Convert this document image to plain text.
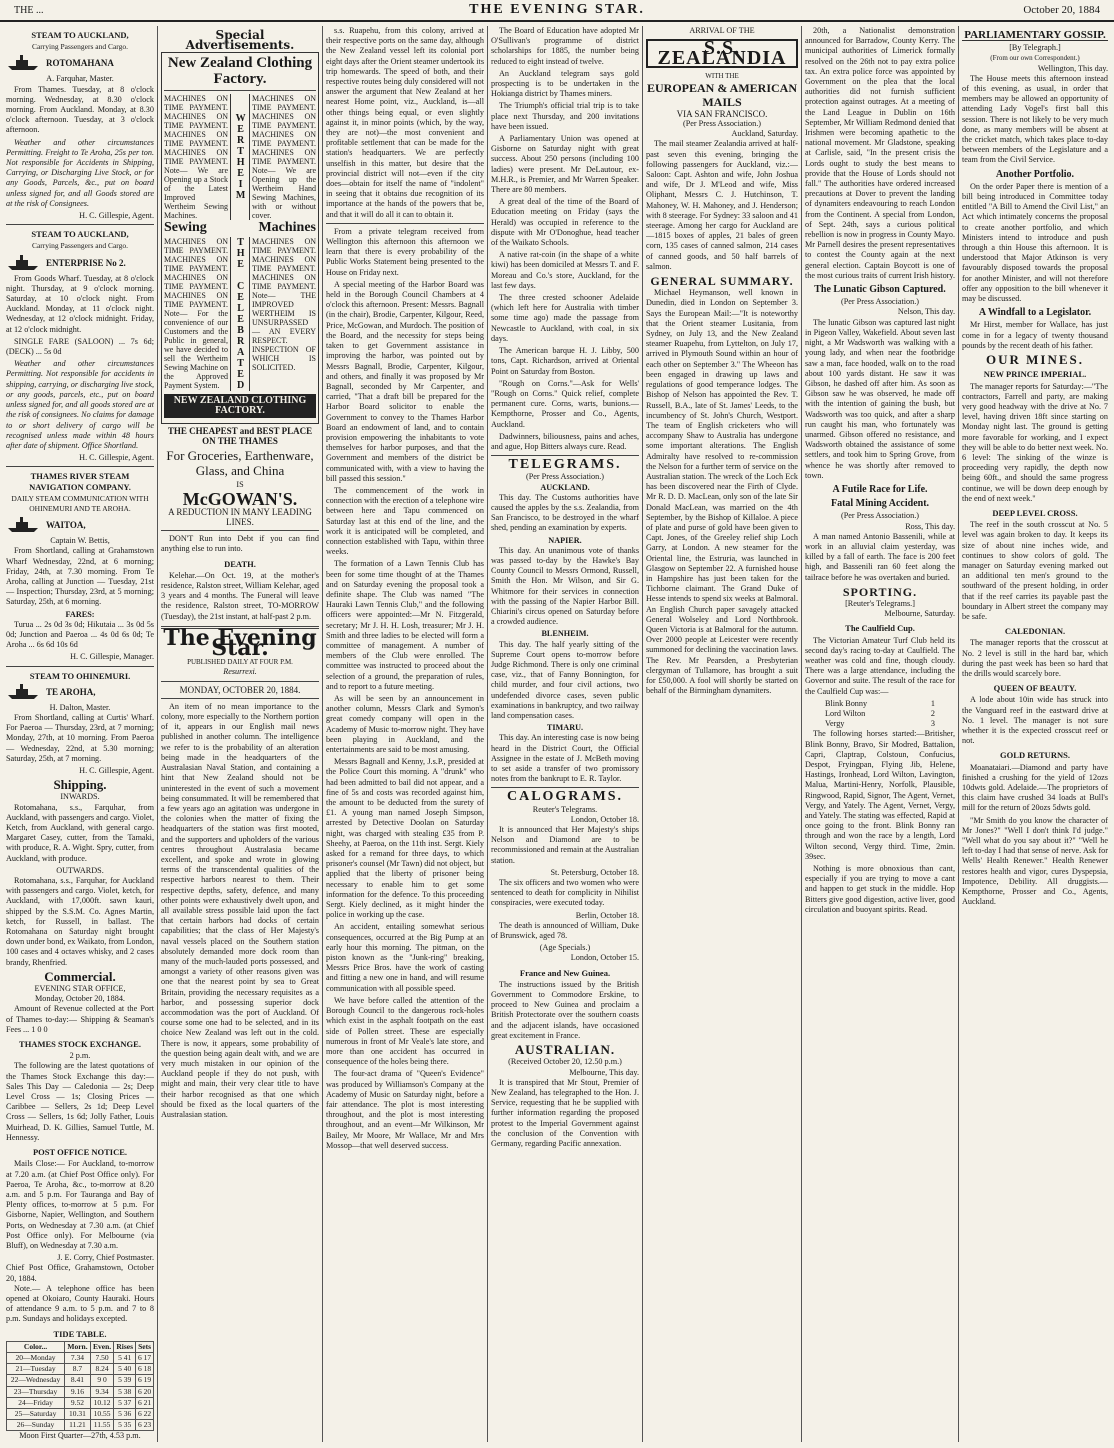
THE ...	THE EVENING STAR.	October 20, 1884
STEAM TO AUCKLAND,
Carrying Passengers and Cargo.
ROTOMAHANA
A. Farquhar, Master.

From Thames. Tuesday, at 8 o'clock morning. Wednesday, at 8.30 o'clock morning. From Auckland. Monday, at 8.30 o'clock afternoon. Tuesday, at 3 o'clock afternoon.

Weather and other circumstances Permitting. Freight to Te Aroha, 25s per ton. Not responsible for Accidents in Shipping, Carrying, or Discharging Live Stock, or for any Goods, Parcels, &c., put on board unless signed for, and all Goods stored are at the risk of Consignees.

H. C. Gillespie, Agent.
STEAM TO AUCKLAND,
Carrying Passengers and Cargo.
ENTERPRISE No 2.

From Goods Wharf. Tuesday, at 8 o'clock night. Thursday, at 9 o'clock morning. Saturday, at 10 o'clock night. From Auckland. Monday, at 11 o'clock night. Wednesday, at 12 o'clock midnight. Friday, at 12 o'clock midnight.

SINGLE FARE (SALOON) ... 7s 6d; (DECK) ... 5s 0d

Weather and other circumstances Permitting. Not responsible for accidents in shipping, carrying, or discharging live stock, or any goods, parcels, etc., put on board unless signed for, and all goods stored are at the risk of consignees. No claims for damage to or short delivery of cargo will be recognised unless made within 48 hours after date of shipment. Office Shortland.

H. C. Gillespie, Agent.
THAMES RIVER STEAM NAVIGATION COMPANY.
DAILY STEAM COMMUNICATION WITH OHINEMURI AND TE AROHA.
WAITOA,
Captain W. Bettis,

From Shortland, calling at Grahamstown Wharf Wednesday, 22nd, at 6 morning; Friday, 24th, at 7.30 morning. From Te Aroha, calling at Junction — Tuesday, 21st — Inspection; Thursday, 23rd, at 5 morning; Saturday, 25th, at 6 morning.

FARES:

Turua ... 2s 0d 3s 0d; Hikutaia ... 3s 0d 5s 0d; Junction and Paeroa ... 4s 0d 6s 0d; Te Aroha ... 6s 6d 10s 6d

H. C. Gillespie, Manager.
STEAM TO OHINEMURI.
TE AROHA,
H. Dalton, Master.

From Shortland, calling at Curtis' Wharf. For Paeroa — Thursday, 23rd, at 7 morning; Monday, 27th, at 10 morning. From Paeroa — Wednesday, 22nd, at 5.30 morning; Saturday, 25th, at 7 morning.

H. C. Gillespie, Agent.
Shipping.
INWARDS.

Rotomahana, s.s., Farquhar, from Auckland, with passengers and cargo. Violet, Ketch, from Auckland, with general cargo. Margaret Casey, cutter, from the Tamaki, with produce, R. A. Wight. Spry, cutter, from Auckland, with produce.

OUTWARDS.

Rotomahana, s.s., Farquhar, for Auckland with passengers and cargo. Violet, ketch, for Auckland, with 17,000ft. sawn kauri, shipped by the S.S.M. Co. Agnes Martin, ketch, for Russell, in ballast. The Rotomahana on Saturday night brought down under bond, ex Waikato, from London, 100 cases and 4 octaves whisky, and 2 cases brandy, Rhenfried.

Commercial.
EVENING STAR OFFICE,
Monday, October 20, 1884.

Amount of Revenue collected at the Port of Thames to-day:— Shipping & Seaman's Fees ... 1 0 0

THAMES STOCK EXCHANGE.
2 p.m.

The following are the latest quotations of the Thames Stock Exchange this day:— Sales This Day — Caledonia — 2s; Deep Level Cross — 1s; Closing Prices — Caribbee — Sellers, 2s 1d; Deep Level Cross — Sellers, 1s 6d; Jolly Father, Louis Muirhead, D. K. Gillies, Samuel Tuttle, M. Hennessy.

POST OFFICE NOTICE.

Mails Close:— For Auckland, to-morrow at 7.20 a.m. (at Chief Post Office only). For Paeroa, Te Aroha, &c., to-morrow at 8.20 a.m. and 5 p.m. For Tauranga and Bay of Plenty offices, to-morrow at 5 p.m. For Gisborne, Napier, Wellington, and Southern Ports, on Wednesday at 7.30 a.m. (at Chief Post Office only). For Melbourne (via Bluff), on Wednesday at 7.30 a.m.

J. E. Corry, Chief Postmaster.
Chief Post Office, Grahamstown, October 20, 1884.

Note.— A telephone office has been opened at Okoiaro, County Hauraki. Hours of attendance 9 a.m. to 5 p.m. and 7 to 8 p.m. Sundays and holidays excepted.

TIDE TABLE.
Color...	Morn.	Even.	Rises	Sets
20—Monday	7.34	7.50	5 41	6 17
21—Tuesday	8.7	8.24	5 40	6 18
22—Wednesday	8.41	9 0	5 39	6 19
23—Thursday	9.16	9.34	5 38	6 20
24—Friday	9.52	10.12	5 37	6 21
25—Saturday	10.31	10.55	5 36	6 22
26—Sunday	11.21	11.55	5 35	6 23
Moon First Quarter—27th, 4.53 p.m.
Special Advertisements.
New Zealand Clothing Factory.
MACHINES ON TIME PAYMENT. MACHINES ON TIME PAYMENT. MACHINES ON TIME PAYMENT. MACHINES ON TIME PAYMENT. Note— We are Opening up a Stock of the Latest Improved Wertheim Sewing Machines.
WERTHEIM
MACHINES ON TIME PAYMENT. MACHINES ON TIME PAYMENT. MACHINES ON TIME PAYMENT. MACHINES ON TIME PAYMENT. Note— We are Opening up the Wertheim Hand Sewing Machines, with or without cover.
Sewing	Machines
MACHINES ON TIME PAYMENT. MACHINES ON TIME PAYMENT. MACHINES ON TIME PAYMENT. MACHINES ON TIME PAYMENT. Note— For the convenience of our Customers and the Public in general, we have decided to sell the Wertheim Sewing Machine on the Approved Payment System.	THE CELEBRATED MACHINES ON TIME PAYMENT. MACHINES ON TIME PAYMENT. MACHINES ON TIME PAYMENT. Note— THE IMPROVED WERTHEIM IS UNSURPASSED — AN EVERY RESPECT. INSPECTION OF WHICH IS SOLICITED.
NEW ZEALAND CLOTHING FACTORY.
THE CHEAPEST and BEST PLACE ON THE THAMES
For Groceries, Earthenware, Glass, and China
IS
McGOWAN'S.
A REDUCTION IN MANY LEADING LINES.

DON'T Run into Debt if you can find anything else to run into.

DEATH.

Kelehar.—On Oct. 19, at the mother's residence, Ralston street, William Kelehar, aged 3 years and 4 months. The Funeral will leave the residence, Ralston street, TO-MORROW (Tuesday), the 21st instant, at half-past 2 p.m.

The Evening Star.
PUBLISHED DAILY AT FOUR P.M.
Resurrexi.
MONDAY, OCTOBER 20, 1884.

An item of no mean importance to the colony, more especially to the Northern portion of it, appears in our English mail news published in another column. The intelligence we refer to is the probability of an alteration being made in the headquarters of the Australasian Naval Station, and containing a hint that New Zealand should not be uninterested in the event of such a movement being consummated. It will be remembered that a few years ago an agitation was undergone in the colonies when the matter of fixing the headquarters of the station was first mooted, and the supporters and upholders of the various centres throughout Australasia became excellent, and spoke and wrote in glowing terms of the transcendental qualities of the respective harbors nearest to them. Their respective depths, safety, defence, and many other points were exhaustively dwelt upon, and all available stress possible laid upon the fact that certain harbors had docks of certain capabilities; that the class of Her Majesty's naval vessels placed on the Southern station absolutely demanded more dock room than many of the much-lauded ports possessed, and amongst a variety of other reasons given was one that the nearest point by sea to Great Britain, providing the necessary requisites as a harbor, and possessing superior dock accommodation was the port of Auckland. Of course some one had to be selected, and in its choice New Zealand was left out in the cold. There is now, it appears, some probability of the question being again dealt with, and we are very much mistaken in our opinion of the Auckland people if they do not push, with might and main, their very clear title to have their harbor recognised as that one which should be fixed as the local quarters of the Australasian station.

s.s. Ruapehu, from this colony, arrived at their respective ports on the same day, although the New Zealand vessel left its colonial port eight days after the Orient steamer undertook its trip homewards. The speed of both, and their respective routes being duly considered will not answer the argument that New Zealand at her nearest Home point, viz., Auckland, is—all other things being equal, or even slightly against it, in minor points (which, by the way, they are not)—the most convenient and profitable settlement that can be made for the station's headquarters. We are perfectly unselfish in this matter, but desire that the provincial district will not—even if the city does—obtain for itself the name of "indolent" in seeing that it obtains due recognition of its importance at the hands of the powers that be, and that it will do all it can to obtain it.

From a private telegram received from Wellington this afternoon this afternoon we learn that there is every probability of the Public Works Statement being presented to the House on Friday next.

A special meeting of the Harbor Board was held in the Borough Council Chambers at 4 o'clock this afternoon. Present: Messrs. Bagnall (in the chair), Brodie, Carpenter, Kilgour, Reed, Price, McGowan, and Murdoch. The position of the Board, and the necessity for steps being taken to get Government assistance in improving the harbor, was pointed out by Messrs Bagnall, Brodie, Carpenter, Kilgour, and others, and finally it was proposed by Mr Bagnall, seconded by Mr Carpenter, and carried, "That a draft bill be prepared for the Harbor Board solicitor to enable the Government to convey to the Thames Harbor Board an endowment of land, and to contain provision empowering the inhabitants to vote themselves for harbor purposes, and that the Government and members of the district be communicated with, with a view to having the bill passed this session."

The commencement of the work in connection with the erection of a telephone wire between here and Tapu commenced on Saturday last at this end of the line, and the work it is anticipated will be completed, and connection established with Tapu, within three weeks.

The formation of a Lawn Tennis Club has been for some time thought of at the Thames and on Saturday evening the proposal took a definite shape. The Club was named "The Hauraki Lawn Tennis Club," and the following officers were appointed:—Mr N. Fitzgerald, secretary; Mr J. H. H. Losh, treasurer; Mr J. H. Smith and three ladies to be elected will form a committee of management. A number of members of the Club were enrolled. The committee was instructed to proceed about the selection of a ground, the preparation of rules, and to report to a future meeting.

As will be seen by an announcement in another column, Messrs Clark and Symon's great comedy company will open in the Academy of Music to-morrow night. They have been playing in Auckland, and the entertainments are said to be most amusing.

Messrs Bagnall and Kenny, J.s.P., presided at the Police Court this morning. A "drunk" who had been admitted to bail did not appear, and a fine of 5s and costs was recorded against him, the amount to be deducted from the surety of £1. A young man named Joseph Simpson, arrested by Detective Doolan on Saturday night, was charged with stealing £35 from P. Sheehy, at Paeroa, on the 11th inst. Sergt. Kiely asked for a remand for three days, to which prisoner's counsel (Mr Tawn) did not object, but applied that the liberty of prisoner being necessary to enable him to get some information for the defence. To this proceeding Sergt. Kiely declined, as it might hinder the police in working up the case.

An accident, entailing somewhat serious consequences, occurred at the Big Pump at an early hour this morning. The pitman, on the piston known as the "Junk-ring" breaking, Messrs Price Bros. have the work of casting and fitting a new one in hand, and will resume communication with all possible speed.

We have before called the attention of the Borough Council to the dangerous rock-holes which exist in the asphalt footpath on the east side of Pollen street. These are especially numerous in front of Mr Veale's late store, and more than one accident has occurred in consequence of the holes being there.

The four-act drama of "Queen's Evidence" was produced by Williamson's Company at the Academy of Music on Saturday night, before a fair attendance. The plot is most interesting throughout, and the plot is most interesting throughout, and an event—Mr Wilkinson, Mr Bailey, Mr Moore, Mr Wallace, Mr and Mrs Mossop—that well deserved success.

The Board of Education have adopted Mr O'Sullivan's programme of district scholarships for 1885, the number being reduced to eight instead of twelve.

An Auckland telegram says gold prospecting is to be undertaken in the Hokianga district by Thames miners.

The Triumph's official trial trip is to take place next Thursday, and 200 invitations have been issued.

A Parliamentary Union was opened at Gisborne on Saturday night with great success. About 250 persons (including 100 ladies) were present. Mr DeLautour, ex-M.H.R., is Premier, and Mr Warren Speaker. There are 80 members.

A great deal of the time of the Board of Education meeting on Friday (says the Herald) was occupied in reference to the dispute with Mr O'Donoghue, head teacher of the Waikato Schools.

A native rat-coin (in the shape of a white kiwi) has been domiciled at Messrs T. and F. Moreau and Co.'s store, Auckland, for the last few days.

The three crested schooner Adelaide (which left here for Australia with timber some time ago) made the passage from Newcastle to Auckland, with coal, in six days.

The American barque H. J. Libby, 500 tons, Capt. Richardson, arrived at Oriental Point on Saturday from Boston.

"Rough on Corns."—Ask for Wells' "Rough on Corns." Quick relief, complete permanent cure. Corns, warts, bunions.—Kempthorne, Prosser and Co., Agents, Auckland.

Dadwinners, biliousness, pains and aches, and ague, Hop Bitters always cure. Read.

TELEGRAMS.
(Per Press Association.)
AUCKLAND.

This day. The Customs authorities have caused the apples by the s.s. Zealandia, from San Francisco, to be destroyed in the wharf shed, pending an examination by experts.

NAPIER.

This day. An unanimous vote of thanks was passed to-day by the Hawke's Bay County Council to Messrs Ormond, Russell, Smith the Hon. Mr Wilson, and Sir G. Whitmore for their services in connection with the passing of the Napier Harbor Bill. Chiarini's circus opened on Saturday before a crowded audience.

BLENHEIM.

This day. The half yearly sitting of the Supreme Court opens to-morrow before Judge Richmond. There is only one criminal case, viz., that of Fanny Bonnington, for child murder, and four civil actions, two undefended divorce cases, seven public examinations in bankruptcy, and two railway land compensation cases.

TIMARU.

This day. An interesting case is now being heard in the District Court, the Official Assignee in the estate of J. McBeth moving to set aside a transfer of two promissory notes from the bankrupt to E. R. Taylor.

CALOGRAMS.
Reuter's Telegrams.
London, October 18.

It is announced that Her Majesty's ships Nelson and Diamond are to be recommissioned and remain at the Australian station.

St. Petersburg, October 18.

The six officers and two women who were sentenced to death for complicity in Nihilist conspiracies, were executed today.

Berlin, October 18.

The death is announced of William, Duke of Brunswick, aged 78.

(Age Specials.)
London, October 15.
France and New Guinea.

The instructions issued by the British Government to Commodore Erskine, to proceed to New Guinea and proclaim a British Protectorate over the southern coasts and the adjacent islands, have occasioned great excitement in France.

AUSTRALIAN.
(Received October 20, 12.50 p.m.)
Melbourne, This day.

It is transpired that Mr Stout, Premier of New Zealand, has telegraphed to the Hon. J. Service, requesting that he be supplied with further information regarding the proposed protest to the Imperial Government against the conclusion of the Convention with Germany, regarding Pacific annexation.

ARRIVAL OF THE
S.S. ZEALANDIA
WITH THE
EUROPEAN & AMERICAN MAILS
VIA SAN FRANCISCO.
(Per Press Association.)
Auckland, Saturday.

The mail steamer Zealandia arrived at half-past seven this evening, bringing the following passengers for Auckland, viz.:—Saloon: Capt. Ashton and wife, John Joshua and wife, Dr J. M'Leod and wife, Miss Oliphant, Messrs C. J. Hutchinson, T. Mahoney, W. H. Mahoney, and J. Henderson; with 8 steerage. For Sydney: 33 saloon and 41 steerage. Among her cargo for Auckland are—1815 boxes of apples, 21 bales of green corn, 135 cases of canned salmon, 214 cases of canned goods, and 50 half barrels of salmon.

GENERAL SUMMARY.

Michael Heymanson, well known in Dunedin, died in London on September 3. Says the European Mail:—"It is noteworthy that the Orient steamer Lusitania, from Sydney, on July 13, and the New Zealand steamer Ruapehu, from Lyttelton, on July 17, arrived in Plymouth Sound within an hour of each other on September 3." The Wheeon has been engaged in drawing up laws and regulations of good temperance lodges. The Bishop of Nelson has appointed the Rev. T. Russell, B.A., late of St. James' Leeds, to the incumbency of St. John's Church, Westport. The team of English cricketers who will accompany Shaw to Australia has undergone some important alterations. The English Admiralty have resolved to re-commission the Nelson for a further term of service on the Australian station. The wreck of the Loch Eck has been discovered near the Firth of Clyde. Mr R. D. D. MacLean, only son of the late Sir Donald MacLean, was married on the 4th September, by the Bishop of Killaloe. A piece of plate and purse of gold have been given to Capt. Jones, of the Greeley relief ship Loch Garry, at London. A new steamer for the Oriental line, the Estruria, was launched in Glasgow on September 22. A furnished house in Hampshire has just been taken for the Tichborne claimant. The Grand Duke of Hesse intends to spend six weeks at Balmoral. An English Church paper savagely attacked General Wolseley and Lord Northbrook. Queen Victoria is at Balmoral for the autumn. Over 2000 people at Leicester were recently summoned for declining the vaccination laws. The Rev. Mr Pearsden, a Presbyterian clergyman of Tullamore, has brought a suit for £50,000. A fool will shortly be started on behalf of the Birmingham dynamiters.

20th, a Nationalist demonstration announced for Barradow, County Kerry. The municipal authorities of Limerick formally resolved on the 26th not to pay extra police tax. An extra police force was appointed by Government on the plea that the local authorities did not furnish sufficient protection against outrages. At a meeting of the Land League in Dublin on 16th September, Mr William Redmond denied that Irishmen were becoming apathetic to the national movement. Mr Gladstone, speaking at Carlisle, said, "In the present crisis the Lords ought to study the best means to provide that the House of Lords should not fall." The authorities have ordered increased precautions at Dover to prevent the landing of dynamiters endeavouring to reach London from the Continent. A special from London, of Sept. 24th, says a curious political rebellion is now in progress in County Mayo. Mr Parnell desires the present representatives to contest the County again at the next general election. Captain Boycott is one of the most curious traits of current Irish history.

The Lunatic Gibson Captured.
(Per Press Association.)
Nelson, This day.

The lunatic Gibson was captured last night in Pigeon Valley, Wakefield. About seven last night, a Mr Wadsworth was walking with a young lady, and when near the footbridge saw a man, face hooded, walk on to the road about 100 yards distant. He saw it was Gibson, he dashed off after him. As soon as Gibson saw he was observed, he made off with the intention of gaining the bush, but Wadsworth was too quick, and after a sharp run caught his man, who fortunately was unarmed. Gibson offered no resistance, and Wadsworth obtained the assistance of some settlers, and took him to Spring Grove, from whence he was shortly after removed to town.

A Futile Race for Life.
Fatal Mining Accident.
(Per Press Association.)
Ross, This day.

A man named Antonio Bassenili, while at work in an alluvial claim yesterday, was killed by a fall of earth. The face is 200 feet high, and Bassenili ran 60 feet along the tailrace before he was overtaken and buried.

SPORTING.
[Reuter's Telegrams.]
Melbourne, Saturday.
The Caulfield Cup.

The Victorian Amateur Turf Club held its second day's racing to-day at Caulfield. The weather was cold and fine, though cloudy. There was a large attendance, including the Governor and suite. The result of the race for the Caulfield Cup was:—

Blink Bonny	1
Lord Wilton	2
Vergy	3

The following horses started:—Britisher, Blink Bonny, Bravo, Sir Modred, Battalion, Capri, Claptrap, Colstoun, Confucius, Despot, Fryingpan, Flying Jib, Helene, Hastings, Ironhead, Lord Wilton, Lavington, Malua, Martini-Henry, Norfolk, Plausible, Ringwood, Rapid, Signor, The Agent, Vernet, Vergy, and Yately. The Agent, Vernet, Vergy, and Yately. The stating was effected, Rapid at once going to the front. Blink Bonny ran through and won the race by a length, Lord Wilton second, Vergy third. Time, 2min. 39sec.

Nothing is more obnoxious than cant, especially if you are trying to move a cant and happen to get stuck in the middle. Hop Bitters give good digestion, active liver, good circulation and buoyant spirits. Read.

PARLIAMENTARY GOSSIP.
[By Telegraph.]
(From our own Correspondent.)
Wellington, This day.

The House meets this afternoon instead of this evening, as usual, in order that members may be allowed an opportunity of attending Lady Vogel's first ball this session. There is not likely to be very much done, as many members will be absent at the cricket match, which takes place to-day between members of the Legislature and a team from the Civil Service.

Another Portfolio.

On the order Paper there is mention of a bill being introduced in Committee today entitled "A Bill to Amend the Civil List," an Act which intimately concerns the proposal to create another portfolio, and which Ministers intend to introduce and push through a thin House this afternoon. It is understood that Major Atkinson is very favourably disposed towards the proposal for another Minister, and will not therefore offer any opposition to the bill whenever it may be discussed.

A Windfall to a Legislator.

Mr Hirst, member for Wallace, has just come in for a legacy of twenty thousand pounds by the recent death of his father.

OUR MINES.
NEW PRINCE IMPERIAL.

The manager reports for Saturday:—"The contractors, Farrell and party, are making very good headway with the drive at No. 7 level, having driven 18ft since starting on Monday night last. The ground is getting more favorable for working, and I expect they will be able to do better next week. No. 6 level: The sinking of the winze is proceeding very rapidly, the depth now being 60ft., and should the same progress continue, we will be down deep enough by the end of next week."

DEEP LEVEL CROSS.

The reef in the south crosscut at No. 5 level was again broken to day. It keeps its size of about nine inches wide, and continues to show colors of gold. The manager on Saturday evening marked out an additional ten men's ground to the southward of the present holding, in order that if the reef carries its payable past the boundary in Albert street the company may be safe.

CALEDONIAN.

The manager reports that the crosscut at No. 2 level is still in the hard bar, which during the past week has been so hard that the drills would scarcely bore.

QUEEN OF BEAUTY.

A lode about 10in wide has struck into the Vanguard reef in the eastward drive at No. 1 level. The manager is not sure whether it is the expected crosscut reef or not.

GOLD RETURNS.

Moanataiari.—Diamond and party have finished a crushing for the yield of 12ozs 10dwts gold. Adelaide.—The proprietors of this claim have crushed 34 loads at Bull's mill for the return of 20ozs 5dwts gold.

"Mr Smith do you know the character of Mr Jones?" "Well I don't think I'd judge." "Well what do you say about it?" "Well he left to-day I had that sense of nerve. Ask for Wells' Health Renewer." Health Renewer restores health and vigor, cures Dyspepsia, Impotence, Debility. All druggists.—Kempthorne, Prosser and Co., Agents, Auckland.
